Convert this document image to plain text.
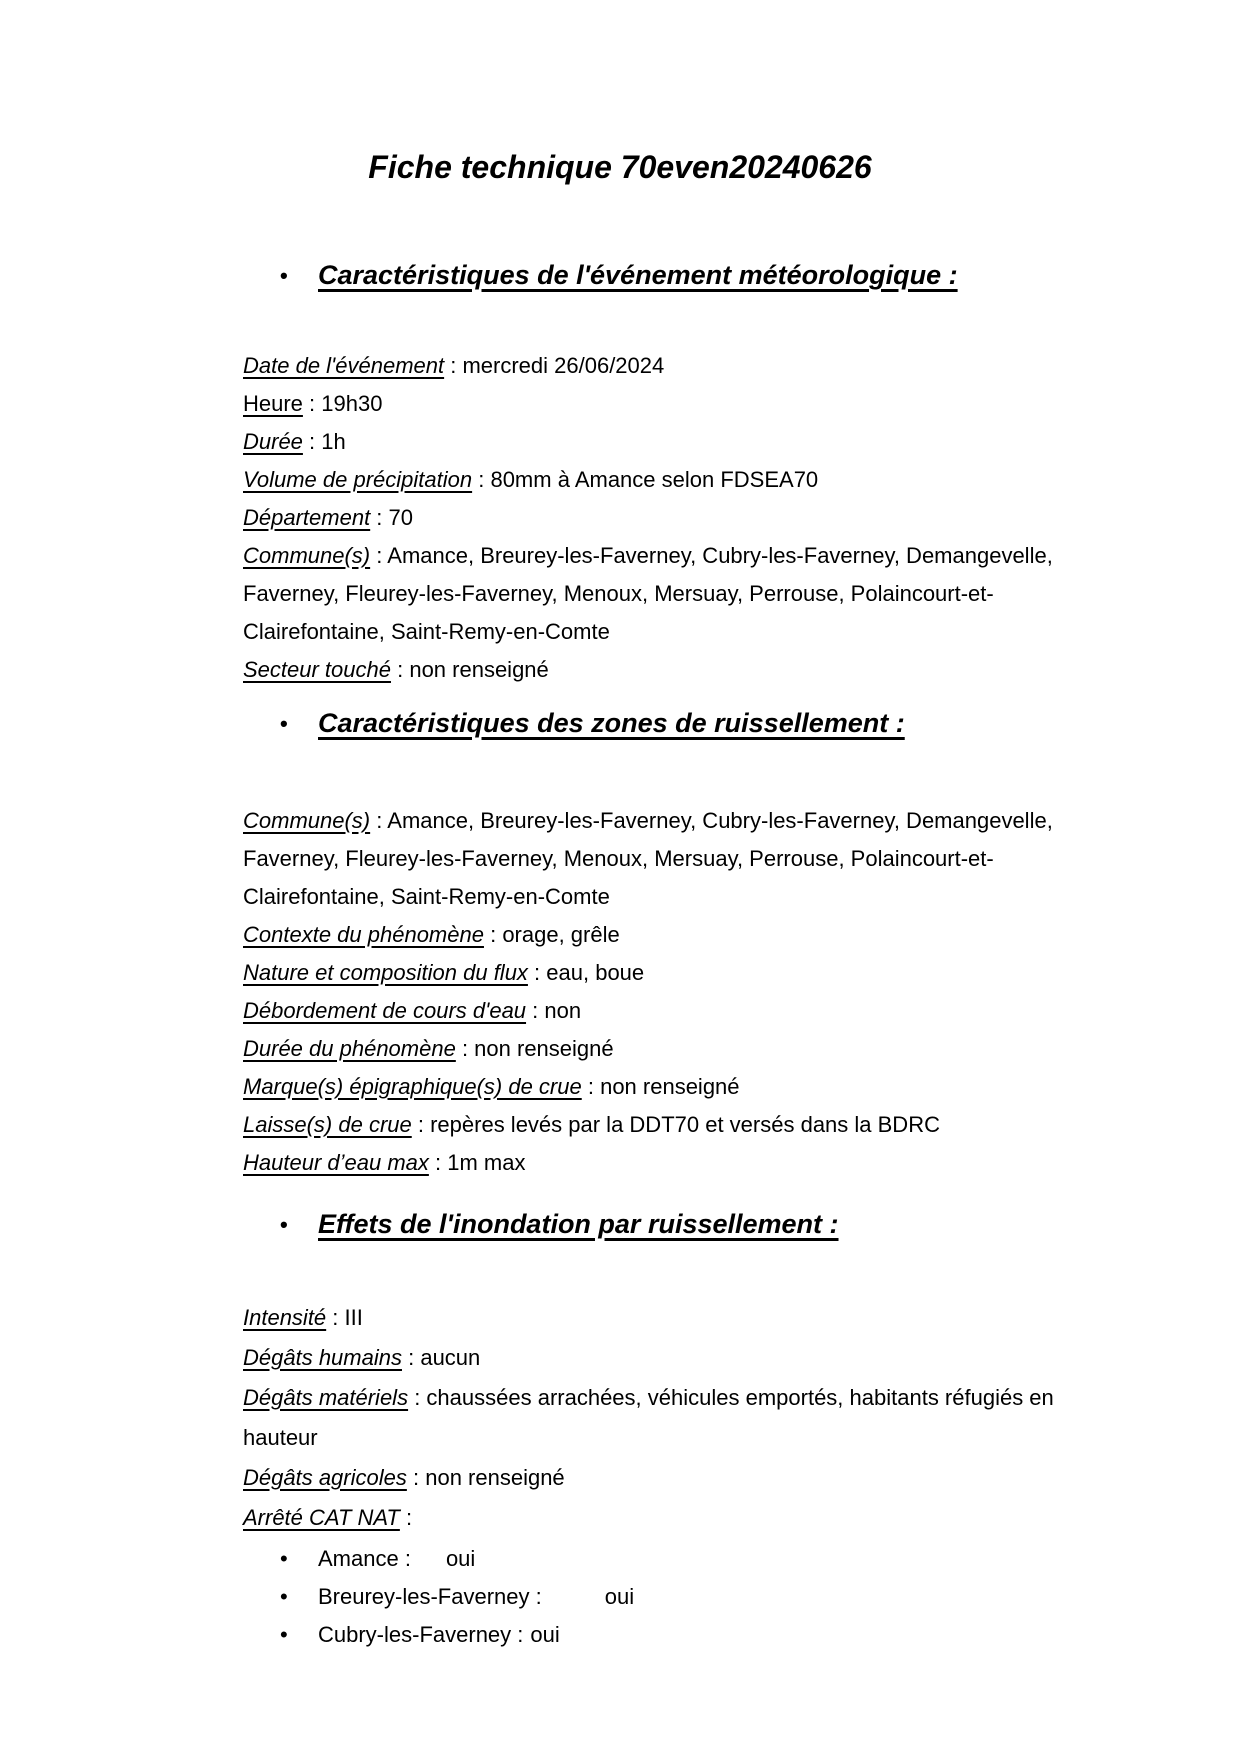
Fiche technique 70even20240626
• Caractéristiques de l'événement météorologique :

Date de l'événement : mercredi 26/06/2024

Heure : 19h30

Durée : 1h

Volume de précipitation : 80mm à Amance selon FDSEA70

Département : 70

Commune(s) : Amance, Breurey-les-Faverney, Cubry-les-Faverney, Demangevelle, Faverney, Fleurey-les-Faverney, Menoux, Mersuay, Perrouse, Polaincourt-et-Clairefontaine, Saint-Remy-en-Comte

Secteur touché : non renseigné

• Caractéristiques des zones de ruissellement :

Commune(s) : Amance, Breurey-les-Faverney, Cubry-les-Faverney, Demangevelle, Faverney, Fleurey-les-Faverney, Menoux, Mersuay, Perrouse, Polaincourt-et-Clairefontaine, Saint-Remy-en-Comte

Contexte du phénomène : orage, grêle

Nature et composition du flux : eau, boue

Débordement de cours d'eau : non

Durée du phénomène : non renseigné

Marque(s) épigraphique(s) de crue : non renseigné

Laisse(s) de crue : repères levés par la DDT70 et versés dans la BDRC

Hauteur d’eau max : 1m max

• Effets de l'inondation par ruissellement :

Intensité : III

Dégâts humains : aucun

Dégâts matériels : chaussées arrachées, véhicules emportés, habitants réfugiés en hauteur

Dégâts agricoles : non renseigné

Arrêté CAT NAT :

• Amance : oui
• Breurey-les-Faverney :	oui
• Cubry-les-Faverney : oui
